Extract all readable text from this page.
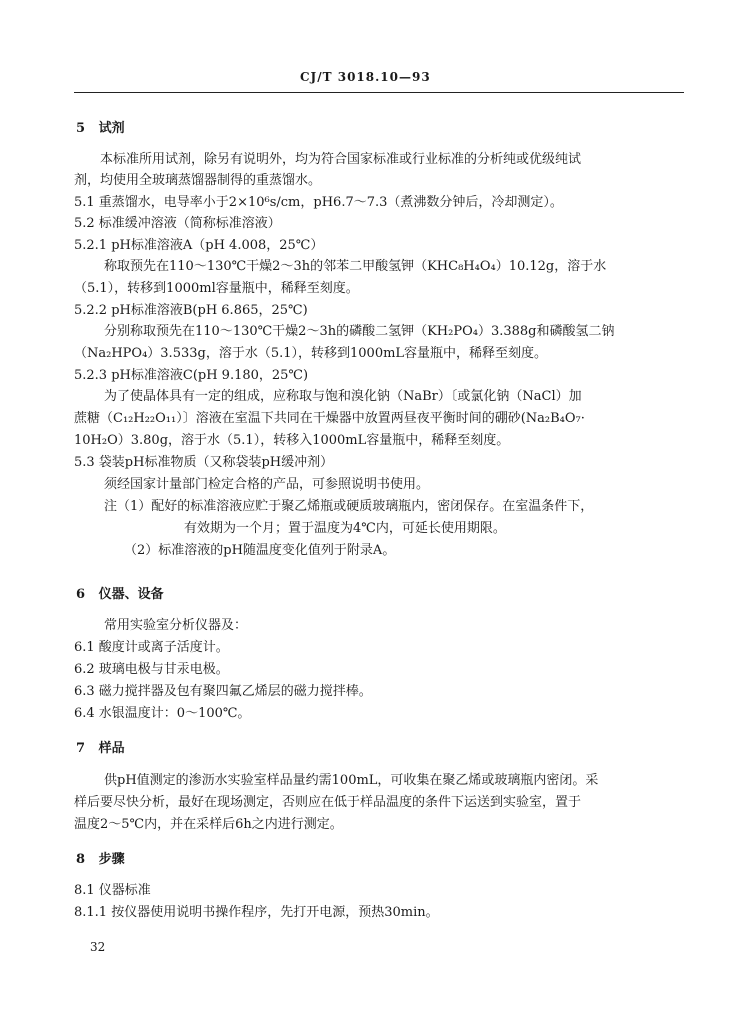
CJ/T 3018.10—93
5 试剂
本标准所用试剂，除另有说明外，均为符合国家标准或行业标准的分析纯或优级纯试
剂，均使用全玻璃蒸馏器制得的重蒸馏水。
5.1 重蒸馏水，电导率小于2×10⁶s/cm，pH6.7～7.3（煮沸数分钟后，冷却测定）。
5.2 标准缓冲溶液（简称标准溶液）
5.2.1 pH标准溶液A（pH 4.008，25℃）
称取预先在110～130℃干燥2～3h的邻苯二甲酸氢钾（KHC₈H₄O₄）10.12g，溶于水
（5.1），转移到1000ml容量瓶中，稀释至刻度。
5.2.2 pH标准溶液B(pH 6.865，25℃)
分别称取预先在110～130℃干燥2～3h的磷酸二氢钾（KH₂PO₄）3.388g和磷酸氢二钠
（Na₂HPO₄）3.533g，溶于水（5.1），转移到1000mL容量瓶中，稀释至刻度。
5.2.3 pH标准溶液C(pH 9.180，25℃)
为了使晶体具有一定的组成，应称取与饱和溴化钠（NaBr）〔或氯化钠（NaCl）加
蔗糖（C₁₂H₂₂O₁₁）〕溶液在室温下共同在干燥器中放置两昼夜平衡时间的硼砂(Na₂B₄O₇·
10H₂O）3.80g，溶于水（5.1），转移入1000mL容量瓶中，稀释至刻度。
5.3 袋装pH标准物质（又称袋装pH缓冲剂）
须经国家计量部门检定合格的产品，可参照说明书使用。
注（1）配好的标准溶液应贮于聚乙烯瓶或硬质玻璃瓶内，密闭保存。在室温条件下，
有效期为一个月；置于温度为4℃内，可延长使用期限。
（2）标准溶液的pH随温度变化值列于附录A。
6 仪器、设备
常用实验室分析仪器及：
6.1 酸度计或离子活度计。
6.2 玻璃电极与甘汞电极。
6.3 磁力搅拌器及包有聚四氟乙烯层的磁力搅拌棒。
6.4 水银温度计：0～100℃。
7 样品
供pH值测定的渗沥水实验室样品量约需100mL，可收集在聚乙烯或玻璃瓶内密闭。采
样后要尽快分析，最好在现场测定，否则应在低于样品温度的条件下运送到实验室，置于
温度2～5℃内，并在采样后6h之内进行测定。
8 步骤
8.1 仪器标准
8.1.1 按仪器使用说明书操作程序，先打开电源，预热30min。
32
